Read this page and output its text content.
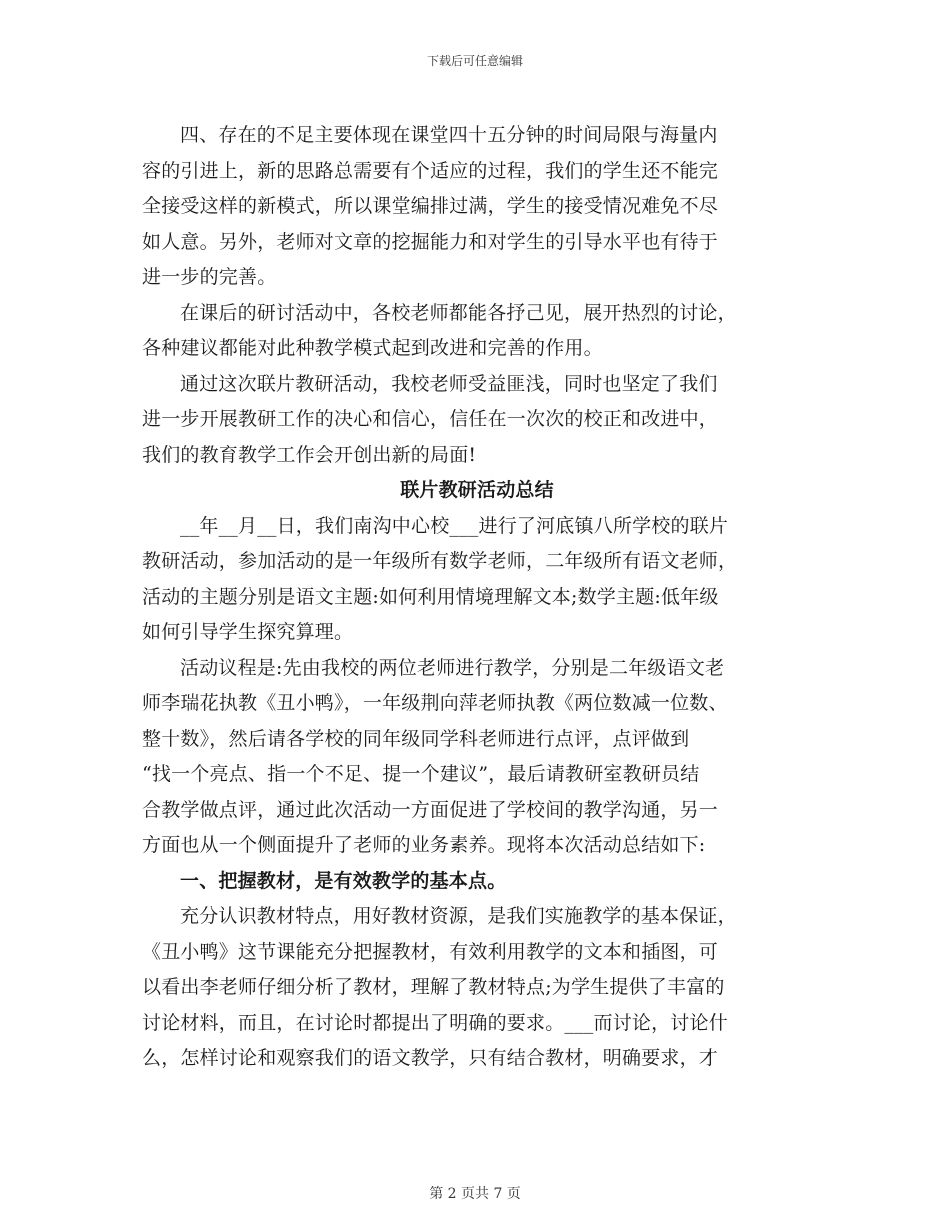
下载后可任意编辑
四、存在的不足主要体现在课堂四十五分钟的时间局限与海量内
容的引进上，新的思路总需要有个适应的过程，我们的学生还不能完
全接受这样的新模式，所以课堂编排过满，学生的接受情况难免不尽
如人意。另外，老师对文章的挖掘能力和对学生的引导水平也有待于
进一步的完善。
在课后的研讨活动中，各校老师都能各抒己见，展开热烈的讨论，
各种建议都能对此种教学模式起到改进和完善的作用。
通过这次联片教研活动，我校老师受益匪浅，同时也坚定了我们
进一步开展教研工作的决心和信心，信任在一次次的校正和改进中，
我们的教育教学工作会开创出新的局面!
联片教研活动总结
__年__月__日，我们南沟中心校___进行了河底镇八所学校的联片
教研活动，参加活动的是一年级所有数学老师，二年级所有语文老师，
活动的主题分别是语文主题:如何利用情境理解文本;数学主题:低年级
如何引导学生探究算理。
活动议程是:先由我校的两位老师进行教学，分别是二年级语文老
师李瑞花执教《丑小鸭》，一年级荆向萍老师执教《两位数减一位数、
整十数》，然后请各学校的同年级同学科老师进行点评，点评做到
“找一个亮点、指一个不足、提一个建议”，最后请教研室教研员结
合教学做点评，通过此次活动一方面促进了学校间的教学沟通，另一
方面也从一个侧面提升了老师的业务素养。现将本次活动总结如下:
一、把握教材，是有效教学的基本点。
充分认识教材特点，用好教材资源，是我们实施教学的基本保证，
《丑小鸭》这节课能充分把握教材，有效利用教学的文本和插图，可
以看出李老师仔细分析了教材，理解了教材特点;为学生提供了丰富的
讨论材料，而且，在讨论时都提出了明确的要求。___而讨论，讨论什
么，怎样讨论和观察我们的语文教学，只有结合教材，明确要求，才
第 2 页共 7 页
